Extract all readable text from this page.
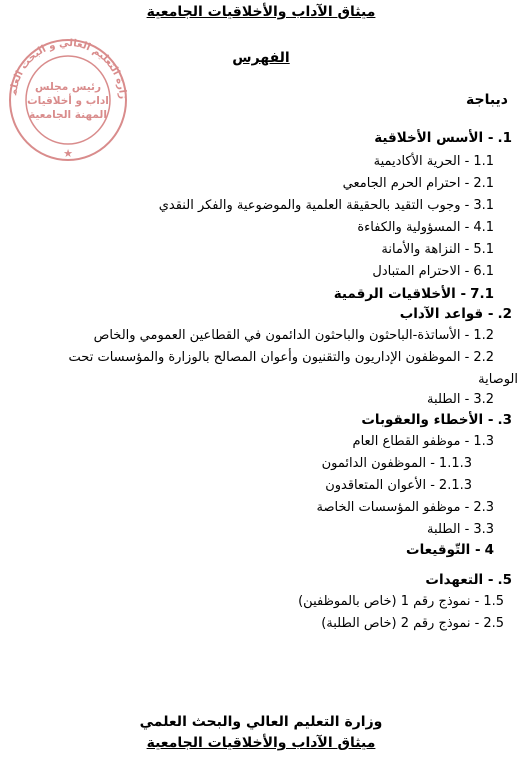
ميثاق الآداب والأخلاقيات الجامعية
الفهرس
ديباجة
زارة التعليم العالي و البحث العلم
★
رئيس مجلس
اداب و أخلاقيات
المهنة الجامعية
1.- الأسس الأخلاقية
1.1- الحرية الأكاديمية
2.1- احترام الحرم الجامعي
3.1- وجوب التقيد بالحقيقة العلمية والموضوعية والفكر النقدي
4.1- المسؤولية والكفاءة
5.1- النزاهة والأمانة
6.1- الاحترام المتبادل
7.1- الأخلاقيات الرقمية
2.- قواعد الآداب
1.2- الأساتذة-الباحثون والباحثون الدائمون في القطاعين العمومي والخاص
2.2- الموظفون الإداريون والتقنيون وأعوان المصالح بالوزارة والمؤسسات تحت
الوصاية
3.2- الطلبة
3.- الأخطاء والعقوبات
1.3- موظفو القطاع العام
1.1.3- الموظفون الدائمون
2.1.3- الأعوان المتعاقدون
2.3- موظفو المؤسسات الخاصة
3.3- الطلبة
4- التّوقيعات
5.- التعهدات
1.5- نموذج رقم 1 (خاص بالموظفين)
2.5- نموذج رقم 2 (خاص الطلبة)
وزارة التعليم العالي والبحث العلمي
ميثاق الآداب والأخلاقيات الجامعية
